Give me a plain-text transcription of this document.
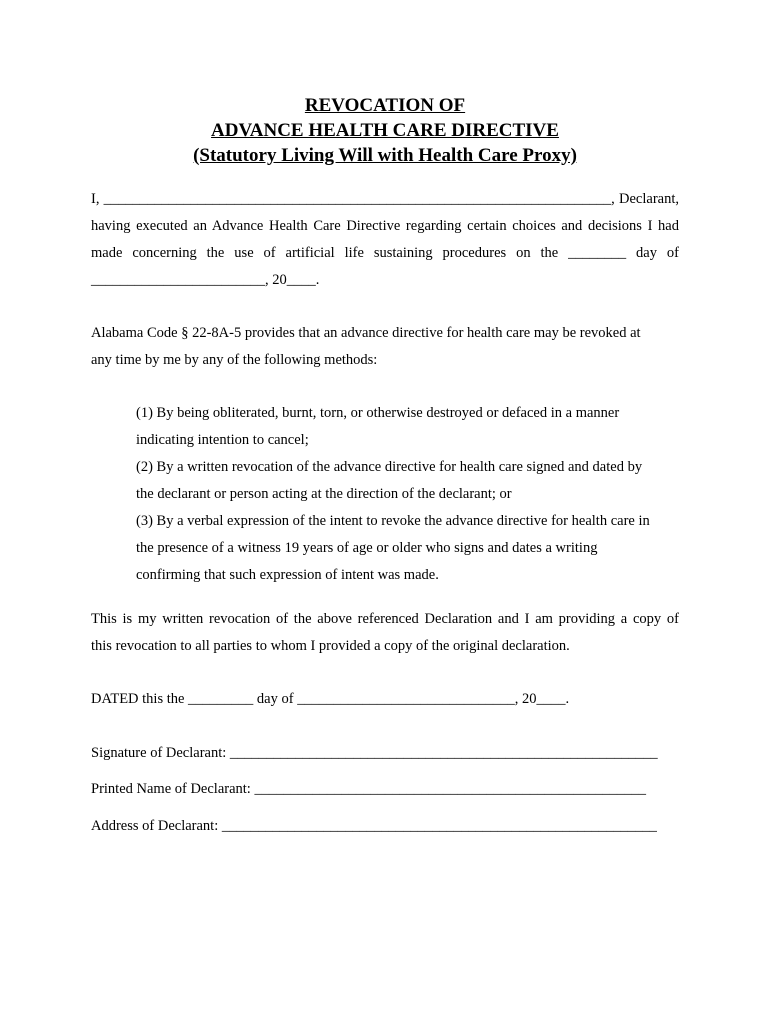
REVOCATION OF
ADVANCE HEALTH CARE DIRECTIVE
(Statutory Living Will with Health Care Proxy)
I, ______________________________________________________________________, Declarant,
having executed an Advance Health Care Directive regarding certain choices and decisions I had
made concerning the use of artificial life sustaining procedures on the ________ day of
________________________, 20____.
Alabama Code § 22-8A-5 provides that an advance directive for health care may be revoked at
any time by me by any of the following methods:
(1) By being obliterated, burnt, torn, or otherwise destroyed or defaced in a manner
indicating intention to cancel;
(2) By a written revocation of the advance directive for health care signed and dated by
the declarant or person acting at the direction of the declarant; or
(3) By a verbal expression of the intent to revoke the advance directive for health care in
the presence of a witness 19 years of age or older who signs and dates a writing
confirming that such expression of intent was made.
This is my written revocation of the above referenced Declaration and I am providing a copy of
this revocation to all parties to whom I provided a copy of the original declaration.
DATED this the _________ day of ______________________________, 20____.
Signature of Declarant: ___________________________________________________________
Printed Name of Declarant: ______________________________________________________
Address of Declarant: ____________________________________________________________
